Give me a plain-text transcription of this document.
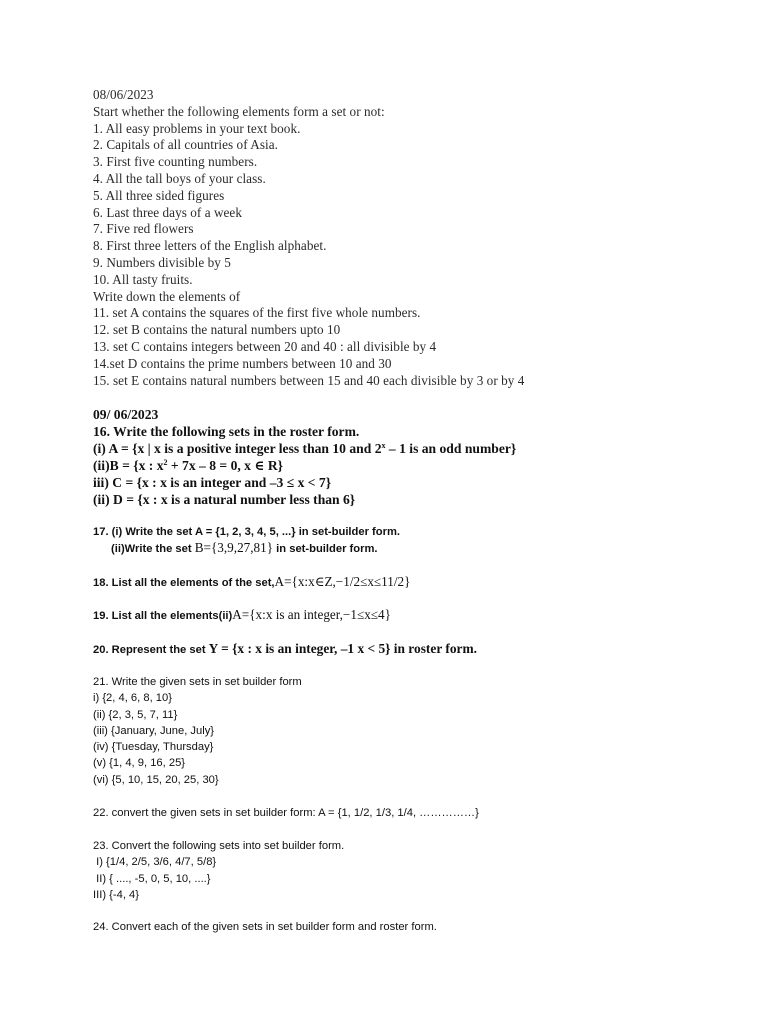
08/06/2023
Start whether the following elements form a set or not:
1. All easy problems in your text book.
2. Capitals of all countries of Asia.
3. First five counting numbers.
4. All the tall boys of your class.
5. All three sided figures
6. Last three days of a week
7. Five red flowers
8. First three letters of the English alphabet.
9. Numbers divisible by 5
10. All tasty fruits.
Write down the elements of
11. set A contains the squares of the first five whole numbers.
12. set B contains the natural numbers upto 10
13. set C contains integers between 20 and 40 : all divisible by 4
14.set D contains the prime numbers between 10 and 30
15. set E contains natural numbers between 15 and 40 each divisible by 3 or by 4
09/ 06/2023
16. Write the following sets in the roster form.
(i) A = {x | x is a positive integer less than 10 and 2$^x$ – 1 is an odd number}
(ii)B = {x : $x^2 + 7x - 8 = 0$, x ∈ R}
iii) C = {x : x is an integer and –3 ≤ x < 7}
(ii) D = {x : x is a natural number less than 6}
17. (i) Write the set A = {1, 2, 3, 4, 5, ...} in set-builder form.
(ii)Write the set B={3,9,27,81} in set-builder form.
18. List all the elements of the set,A={x:x∈Z,−1/2≤x≤11/2}
19. List all the elements(ii)A={x:x is an integer,−1≤x≤4}
20. Represent the set Y = {x : x is an integer, –1 x < 5} in roster form.
21. Write the given sets in set builder form
i) {2, 4, 6, 8, 10}
(ii) {2, 3, 5, 7, 11}
(iii) {January, June, July}
(iv) {Tuesday, Thursday}
(v) {1, 4, 9, 16, 25}
(vi) {5, 10, 15, 20, 25, 30}
22. convert the given sets in set builder form: A = {1, 1/2, 1/3, 1/4, ……………}
23. Convert the following sets into set builder form.
I) {1/4, 2/5, 3/6, 4/7, 5/8}
II) { ...., -5, 0, 5, 10, ....}
III) {-4, 4}
24. Convert each of the given sets in set builder form and roster form.
